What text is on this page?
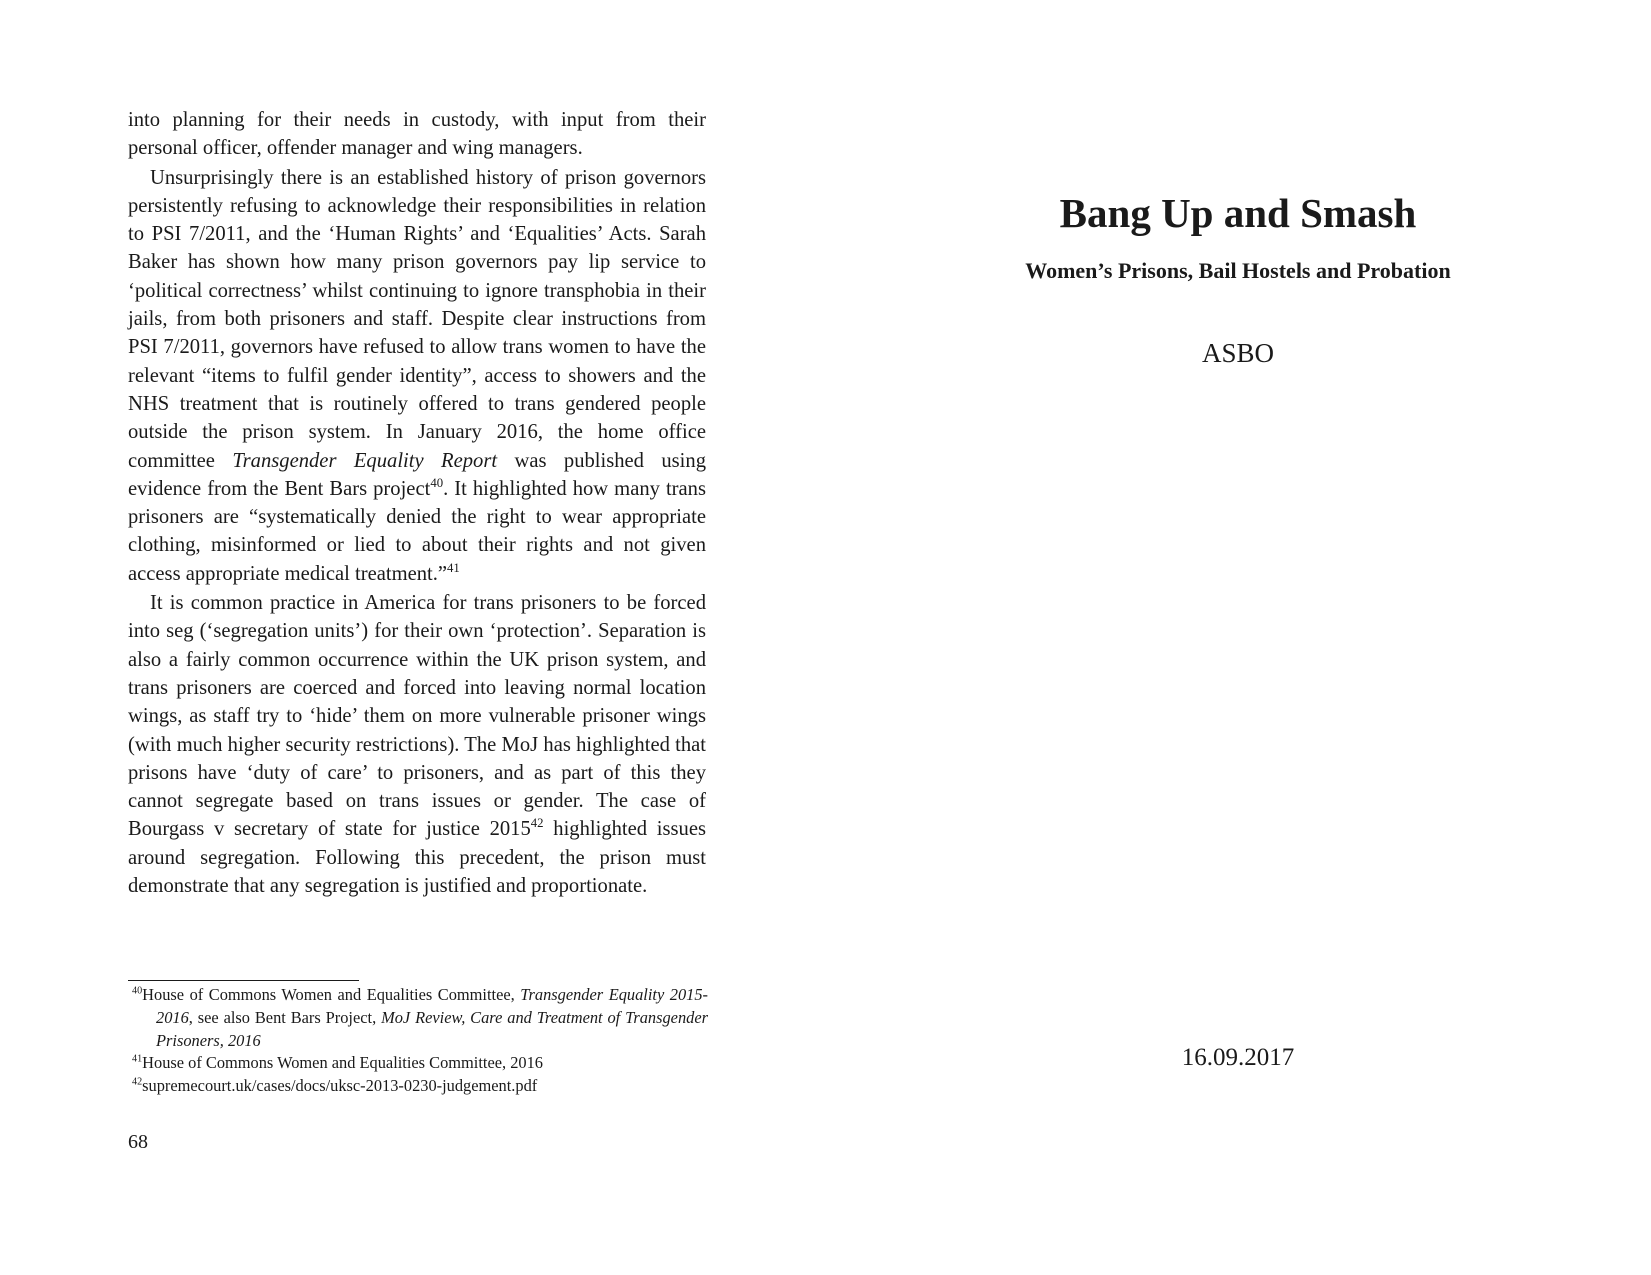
into planning for their needs in custody, with input from their personal officer, offender manager and wing managers.

Unsurprisingly there is an established history of prison governors persistently refusing to acknowledge their responsibilities in relation to PSI 7/2011, and the ‘Human Rights’ and ‘Equalities’ Acts. Sarah Baker has shown how many prison governors pay lip service to ‘political correctness’ whilst continuing to ignore transphobia in their jails, from both prisoners and staff. Despite clear instructions from PSI 7/2011, governors have refused to allow trans women to have the relevant “items to fulfil gender identity”, access to showers and the NHS treatment that is routinely offered to trans gendered people outside the prison system. In January 2016, the home office committee Transgender Equality Report was published using evidence from the Bent Bars project$^{40}$. It highlighted how many trans prisoners are “systematically denied the right to wear appropriate clothing, misinformed or lied to about their rights and not given access appropriate medical treatment.”$^{41}$

It is common practice in America for trans prisoners to be forced into seg (‘segregation units’) for their own ‘protection’. Separation is also a fairly common occurrence within the UK prison system, and trans prisoners are coerced and forced into leaving normal location wings, as staff try to ‘hide’ them on more vulnerable prisoner wings (with much higher security restrictions). The MoJ has highlighted that prisons have ‘duty of care’ to prisoners, and as part of this they cannot segregate based on trans issues or gender. The case of Bourgass v secretary of state for justice 2015$^{42}$ highlighted issues around segregation. Following this precedent, the prison must demonstrate that any segregation is justified and proportionate.

$^{40}$House of Commons Women and Equalities Committee, Transgender Equality 2015-2016, see also Bent Bars Project, MoJ Review, Care and Treatment of Transgender Prisoners, 2016

$^{41}$House of Commons Women and Equalities Committee, 2016

$^{42}$supremecourt.uk/cases/docs/uksc-2013-0230-judgement.pdf

68
Bang Up and Smash
Women’s Prisons, Bail Hostels and Probation
ASBO
16.09.2017
